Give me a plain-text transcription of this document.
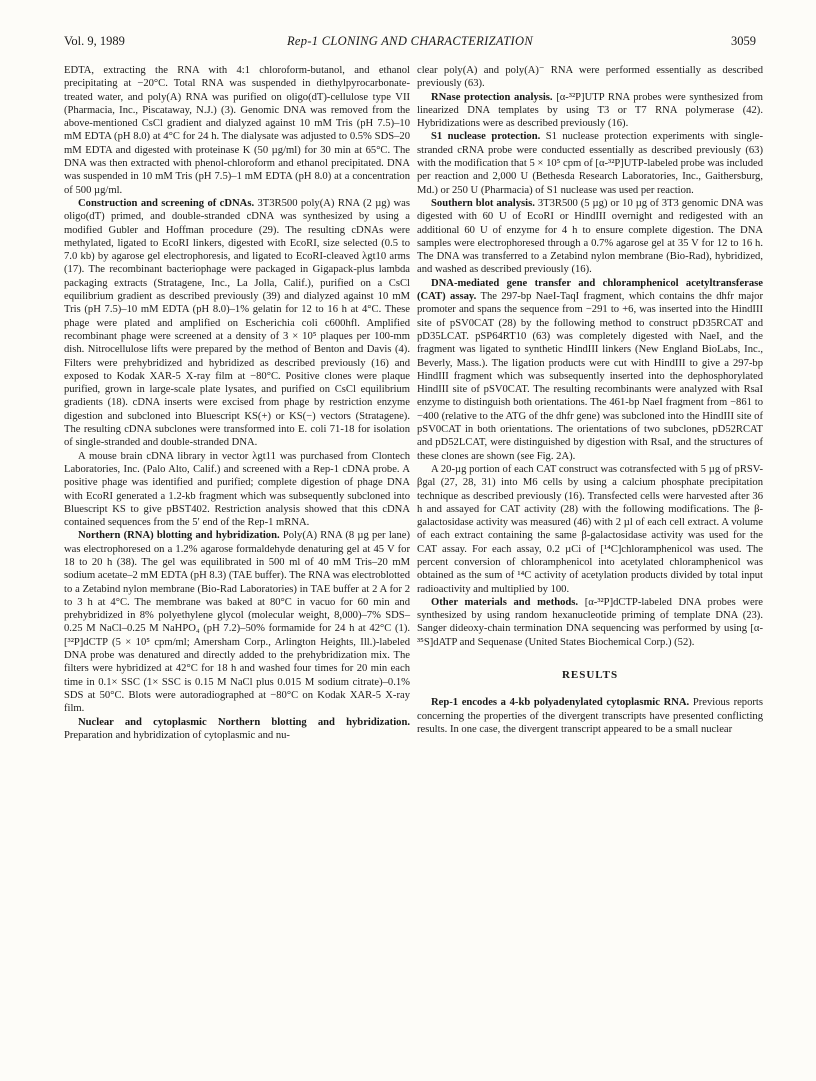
Vol. 9, 1989	Rep-1 CLONING AND CHARACTERIZATION	3059

EDTA, extracting the RNA with 4:1 chloroform-butanol, and ethanol precipitating at −20°C. Total RNA was suspended in diethylpyrocarbonate-treated water, and poly(A) RNA was purified on oligo(dT)-cellulose type VII (Pharmacia, Inc., Piscataway, N.J.) (3). Genomic DNA was removed from the above-mentioned CsCl gradient and dialyzed against 10 mM Tris (pH 7.5)–10 mM EDTA (pH 8.0) at 4°C for 24 h. The dialysate was adjusted to 0.5% SDS–20 mM EDTA and digested with proteinase K (50 µg/ml) for 30 min at 65°C. The DNA was then extracted with phenol-chloroform and ethanol precipitated. DNA was suspended in 10 mM Tris (pH 7.5)–1 mM EDTA (pH 8.0) at a concentration of 500 µg/ml.

Construction and screening of cDNAs. 3T3R500 poly(A) RNA (2 µg) was oligo(dT) primed, and double-stranded cDNA was synthesized by using a modified Gubler and Hoffman procedure (29). The resulting cDNAs were methylated, ligated to EcoRI linkers, digested with EcoRI, size selected (0.5 to 7.0 kb) by agarose gel electrophoresis, and ligated to EcoRI-cleaved λgt10 arms (17). The recombinant bacteriophage were packaged in Gigapack-plus lambda packaging extracts (Stratagene, Inc., La Jolla, Calif.), purified on a CsCl equilibrium gradient as described previously (39) and dialyzed against 10 mM Tris (pH 7.5)–10 mM EDTA (pH 8.0)–1% gelatin for 12 to 16 h at 4°C. These phage were plated and amplified on Escherichia coli c600hfl. Amplified recombinant phage were screened at a density of 3 × 10⁵ plaques per 100-mm dish. Nitrocellulose lifts were prepared by the method of Benton and Davis (4). Filters were prehybridized and hybridized as described previously (16) and exposed to Kodak XAR-5 X-ray film at −80°C. Positive clones were plaque purified, grown in large-scale plate lysates, and purified on CsCl equilibrium gradients (18). cDNA inserts were excised from phage by restriction enzyme digestion and subcloned into Bluescript KS(+) or KS(−) vectors (Stratagene). The resulting cDNA subclones were transformed into E. coli 71-18 for isolation of single-stranded and double-stranded DNA.

A mouse brain cDNA library in vector λgt11 was purchased from Clontech Laboratories, Inc. (Palo Alto, Calif.) and screened with a Rep-1 cDNA probe. A positive phage was identified and purified; complete digestion of phage DNA with EcoRI generated a 1.2-kb fragment which was subsequently subcloned into Bluescript KS to give pBST402. Restriction analysis showed that this cDNA contained sequences from the 5′ end of the Rep-1 mRNA.

Northern (RNA) blotting and hybridization. Poly(A) RNA (8 µg per lane) was electrophoresed on a 1.2% agarose formaldehyde denaturing gel at 45 V for 18 to 20 h (38). The gel was equilibrated in 500 ml of 40 mM Tris–20 mM sodium acetate–2 mM EDTA (pH 8.3) (TAE buffer). The RNA was electroblotted to a Zetabind nylon membrane (Bio-Rad Laboratories) in TAE buffer at 2 A for 2 to 3 h at 4°C. The membrane was baked at 80°C in vacuo for 60 min and prehybridized in 8% polyethylene glycol (molecular weight, 8,000)–7% SDS–0.25 M NaCl–0.25 M NaHPO₄ (pH 7.2)–50% formamide for 24 h at 42°C (1). [³²P]dCTP (5 × 10⁵ cpm/ml; Amersham Corp., Arlington Heights, Ill.)-labeled DNA probe was denatured and directly added to the prehybridization mix. The filters were hybridized at 42°C for 18 h and washed four times for 20 min each time in 0.1× SSC (1× SSC is 0.15 M NaCl plus 0.015 M sodium citrate)–0.1% SDS at 50°C. Blots were autoradiographed at −80°C on Kodak XAR-5 X-ray film.

Nuclear and cytoplasmic Northern blotting and hybridization. Preparation and hybridization of cytoplasmic and nu-

clear poly(A) and poly(A)⁻ RNA were performed essentially as described previously (63).

RNase protection analysis. [α-³²P]UTP RNA probes were synthesized from linearized DNA templates by using T3 or T7 RNA polymerase (42). Hybridizations were as described previously (16).

S1 nuclease protection. S1 nuclease protection experiments with single-stranded cRNA probe were conducted essentially as described previously (63) with the modification that 5 × 10⁵ cpm of [α-³²P]UTP-labeled probe was included per reaction and 2,000 U (Bethesda Research Laboratories, Inc., Gaithersburg, Md.) or 250 U (Pharmacia) of S1 nuclease was used per reaction.

Southern blot analysis. 3T3R500 (5 µg) or 10 µg of 3T3 genomic DNA was digested with 60 U of EcoRI or HindIII overnight and redigested with an additional 60 U of enzyme for 4 h to ensure complete digestion. The DNA samples were electrophoresed through a 0.7% agarose gel at 35 V for 12 to 16 h. The DNA was transferred to a Zetabind nylon membrane (Bio-Rad), hybridized, and washed as described previously (16).

DNA-mediated gene transfer and chloramphenicol acetyltransferase (CAT) assay. The 297-bp NaeI-TaqI fragment, which contains the dhfr major promoter and spans the sequence from −291 to +6, was inserted into the HindIII site of pSV0CAT (28) by the following method to construct pD35RCAT and pD35LCAT. pSP64RT10 (63) was completely digested with NaeI, and the fragment was ligated to synthetic HindIII linkers (New England BioLabs, Inc., Beverly, Mass.). The ligation products were cut with HindIII to give a 297-bp HindIII fragment which was subsequently inserted into the dephosphorylated HindIII site of pSV0CAT. The resulting recombinants were analyzed with RsaI enzyme to distinguish both orientations. The 461-bp NaeI fragment from −861 to −400 (relative to the ATG of the dhfr gene) was subcloned into the HindIII site of pSV0CAT in both orientations. The orientations of two subclones, pD52RCAT and pD52LCAT, were distinguished by digestion with RsaI, and the structures of these clones are shown (see Fig. 2A).

A 20-µg portion of each CAT construct was cotransfected with 5 µg of pRSV-βgal (27, 28, 31) into M6 cells by using a calcium phosphate precipitation technique as described previously (16). Transfected cells were harvested after 36 h and assayed for CAT activity (28) with the following modifications. The β-galactosidase activity was measured (46) with 2 µl of each cell extract. A volume of each extract containing the same β-galactosidase activity was used for the CAT assay. For each assay, 0.2 µCi of [¹⁴C]chloramphenicol was used. The percent conversion of chloramphenicol into acetylated chloramphenicol was obtained as the sum of ¹⁴C activity of acetylation products divided by total input radioactivity and multiplied by 100.

Other materials and methods. [α-³²P]dCTP-labeled DNA probes were synthesized by using random hexanucleotide priming of template DNA (23). Sanger dideoxy-chain termination DNA sequencing was performed by using [α-³⁵S]dATP and Sequenase (United States Biochemical Corp.) (52).

RESULTS

Rep-1 encodes a 4-kb polyadenylated cytoplasmic RNA. Previous reports concerning the properties of the divergent transcripts have presented conflicting results. In one case, the divergent transcript appeared to be a small nuclear
